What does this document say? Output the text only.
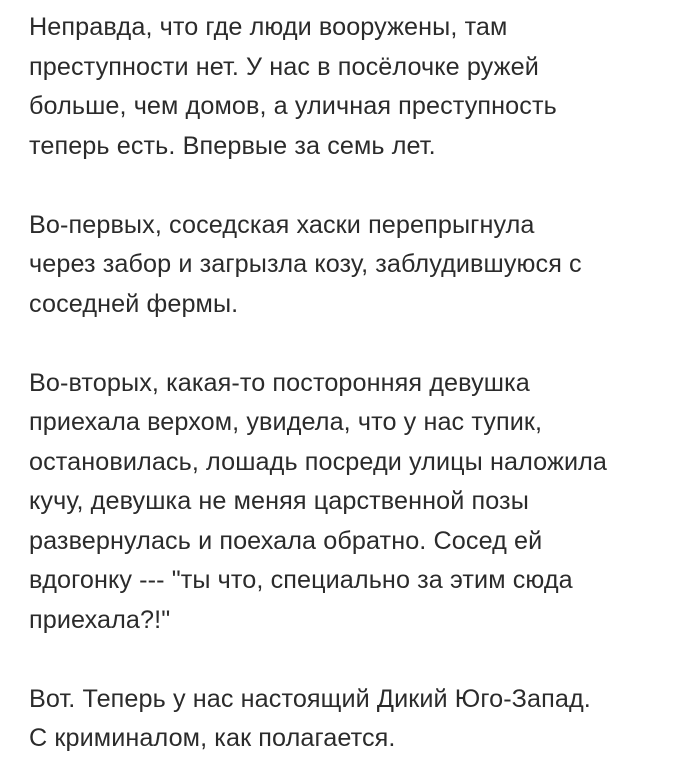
Неправда, что где люди вооружены, там
преступности нет. У нас в посёлочке ружей
больше, чем домов, а уличная преступность
теперь есть. Впервые за семь лет.

Во-первых, соседская хаски перепрыгнула
через забор и загрызла козу, заблудившуюся с
соседней фермы.

Во-вторых, какая-то посторонняя девушка
приехала верхом, увидела, что у нас тупик,
остановилась, лошадь посреди улицы наложила
кучу, девушка не меняя царственной позы
развернулась и поехала обратно. Сосед ей
вдогонку --- "ты что, специально за этим сюда
приехала?!"

Вот. Теперь у нас настоящий Дикий Юго-Запад.
С криминалом, как полагается.
